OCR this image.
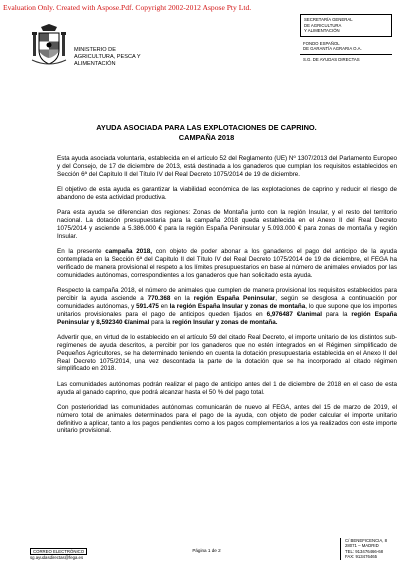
Evaluation Only. Created with Aspose.Pdf. Copyright 2002-2012 Aspose Pty Ltd.
MINISTERIO DE
AGRICULTURA, PESCA Y
ALIMENTACIÓN
SECRETARÍA GENERAL
DE AGRICULTURA
Y ALIMENTACIÓN
FONDO ESPAÑOL
DE GARANTÍA AGRARIA O.A.
S.G. DE AYUDAS DIRECTAS
AYUDA ASOCIADA PARA LAS EXPLOTACIONES DE CAPRINO.
CAMPAÑA 2018

Esta ayuda asociada voluntaria, establecida en el artículo 52 del Reglamento (UE) Nº 1307/2013 del Parlamento Europeo y del Consejo, de 17 de diciembre de 2013, está destinada a los ganaderos que cumplan los requisitos establecidos en Sección 6ª del Capítulo II del Título IV del Real Decreto 1075/2014 de 19 de diciembre.

El objetivo de esta ayuda es garantizar la viabilidad económica de las explotaciones de caprino y reducir el riesgo de abandono de esta actividad productiva.

Para esta ayuda se diferencian dos regiones: Zonas de Montaña junto con la región Insular, y el resto del territorio nacional. La dotación presupuestaria para la campaña 2018 queda establecida en el Anexo II del Real Decreto 1075/2014 y asciende a 5.386.000 € para la región España Peninsular y 5.093.000 € para zonas de montaña y región Insular.

En la presente campaña 2018, con objeto de poder abonar a los ganaderos el pago del anticipo de la ayuda contemplada en la Sección 6ª del Capítulo II del Título IV del Real Decreto 1075/2014 de 19 de diciembre, el FEGA ha verificado de manera provisional el respeto a los límites presupuestarios en base al número de animales enviados por las comunidades autónomas, correspondientes a los ganaderos que han solicitado esta ayuda.

Respecto la campaña 2018, el número de animales que cumplen de manera provisional los requisitos establecidos para percibir la ayuda asciende a 770.368 en la región España Peninsular, según se desglosa a continuación por comunidades autónomas, y 591.475 en la región España Insular y zonas de montaña, lo que supone que los importes unitarios provisionales para el pago de anticipos queden fijados en 6,976487 €/animal para la región España Peninsular y 8,592340 €/animal para la región Insular y zonas de montaña.

Advertir que, en virtud de lo establecido en el artículo 59 del citado Real Decreto, el importe unitario de los distintos sub-regímenes de ayuda descritos, a percibir por los ganaderos que no estén integrados en el Régimen simplificado de Pequeños Agricultores, se ha determinado teniendo en cuenta la dotación presupuestaria establecida en el Anexo II del Real Decreto 1075/2014, una vez descontada la parte de la dotación que se ha incorporado al citado régimen simplificado en 2018.

Las comunidades autónomas podrán realizar el pago de anticipo antes del 1 de diciembre de 2018 en el caso de esta ayuda al ganado caprino, que podrá alcanzar hasta el 50 % del pago total.

Con posterioridad las comunidades autónomas comunicarán de nuevo al FEGA, antes del 15 de marzo de 2019, el número total de animales determinados para el pago de la ayuda, con objeto de poder calcular el importe unitario definitivo a aplicar, tanto a los pagos pendientes como a los pagos complementarios a los ya realizados con este importe unitario provisional.

CORREO ELECTRÓNICO
sg.ayudasdirectas@fega.es
Página 1 de 2
C/ BENEFICENCIA, 8
28071 – MADRID
TEL: 913476466-68
FAX: 913476465
